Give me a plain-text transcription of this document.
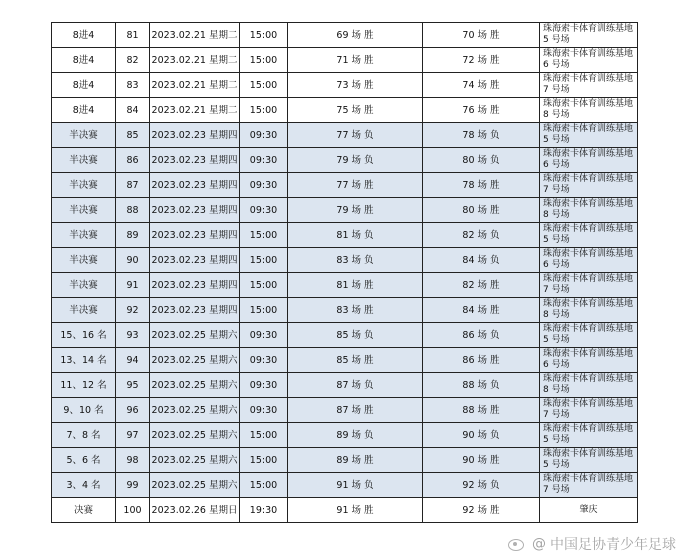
8进4	81	2023.02.21 星期二	15:00	69 场 胜	70 场 胜	珠海索卡体育训练基地 5 号场
8进4	82	2023.02.21 星期二	15:00	71 场 胜	72 场 胜	珠海索卡体育训练基地 6 号场
8进4	83	2023.02.21 星期二	15:00	73 场 胜	74 场 胜	珠海索卡体育训练基地 7 号场
8进4	84	2023.02.21 星期二	15:00	75 场 胜	76 场 胜	珠海索卡体育训练基地 8 号场
半决赛	85	2023.02.23 星期四	09:30	77 场 负	78 场 负	珠海索卡体育训练基地 5 号场
半决赛	86	2023.02.23 星期四	09:30	79 场 负	80 场 负	珠海索卡体育训练基地 6 号场
半决赛	87	2023.02.23 星期四	09:30	77 场 胜	78 场 胜	珠海索卡体育训练基地 7 号场
半决赛	88	2023.02.23 星期四	09:30	79 场 胜	80 场 胜	珠海索卡体育训练基地 8 号场
半决赛	89	2023.02.23 星期四	15:00	81 场 负	82 场 负	珠海索卡体育训练基地 5 号场
半决赛	90	2023.02.23 星期四	15:00	83 场 负	84 场 负	珠海索卡体育训练基地 6 号场
半决赛	91	2023.02.23 星期四	15:00	81 场 胜	82 场 胜	珠海索卡体育训练基地 7 号场
半决赛	92	2023.02.23 星期四	15:00	83 场 胜	84 场 胜	珠海索卡体育训练基地 8 号场
15、16 名	93	2023.02.25 星期六	09:30	85 场 负	86 场 负	珠海索卡体育训练基地 5 号场
13、14 名	94	2023.02.25 星期六	09:30	85 场 胜	86 场 胜	珠海索卡体育训练基地 6 号场
11、12 名	95	2023.02.25 星期六	09:30	87 场 负	88 场 负	珠海索卡体育训练基地 8 号场
9、10 名	96	2023.02.25 星期六	09:30	87 场 胜	88 场 胜	珠海索卡体育训练基地 7 号场
7、8 名	97	2023.02.25 星期六	15:00	89 场 负	90 场 负	珠海索卡体育训练基地 5 号场
5、6 名	98	2023.02.25 星期六	15:00	89 场 胜	90 场 胜	珠海索卡体育训练基地 5 号场
3、4 名	99	2023.02.25 星期六	15:00	91 场 负	92 场 负	珠海索卡体育训练基地 7 号场
决赛	100	2023.02.26 星期日	19:30	91 场 胜	92 场 胜	肇庆
@ 中国足协青少年足球
